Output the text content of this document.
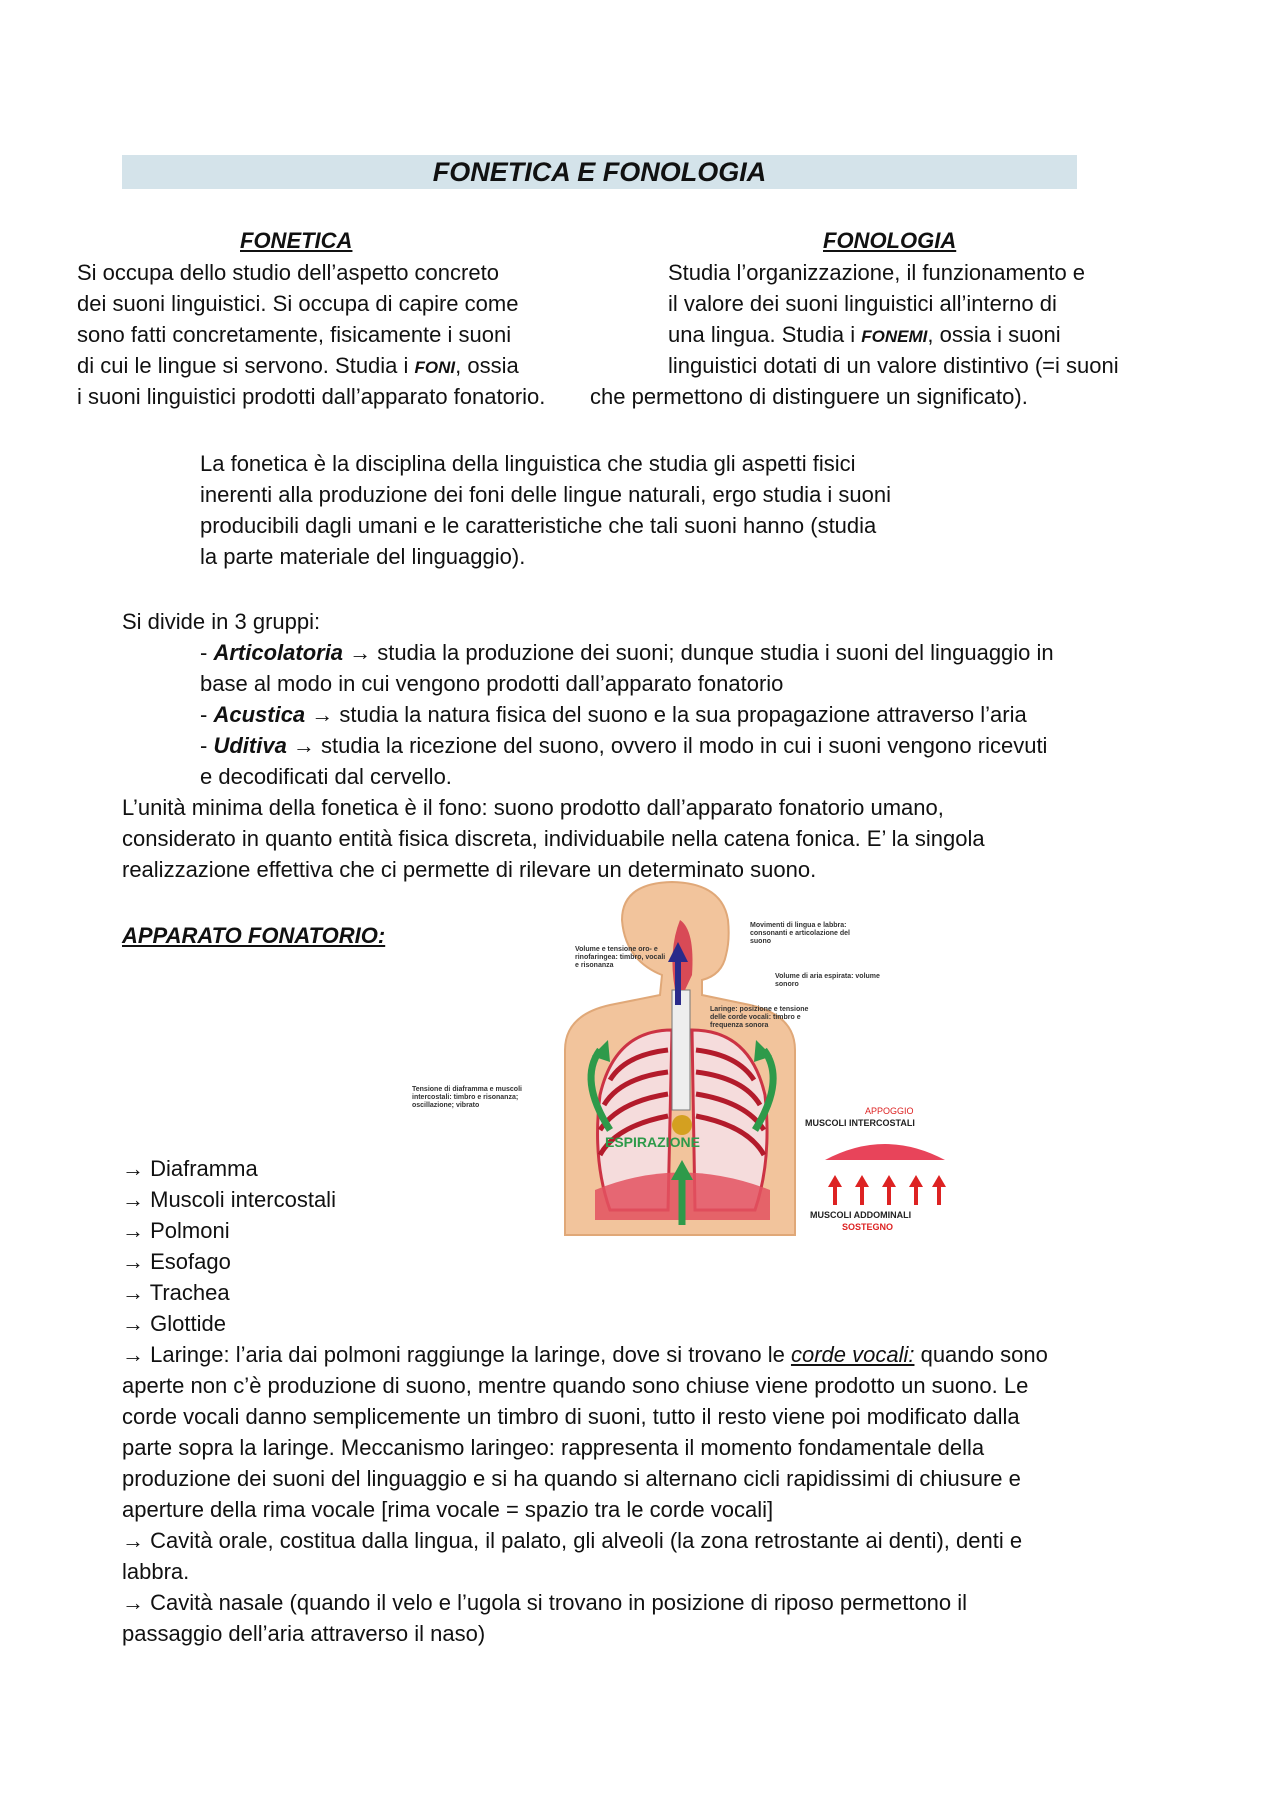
FONETICA E FONOLOGIA
FONETICA	FONOLOGIA
Si occupa dello studio dell’aspetto concreto
dei suoni linguistici. Si occupa di capire come
sono fatti concretamente, fisicamente i suoni
di cui le lingue si servono. Studia i FONI, ossia
i suoni linguistici prodotti dall’apparato fonatorio.
Studia l’organizzazione, il funzionamento e
il valore dei suoni linguistici all’interno di
una lingua. Studia i FONEMI, ossia i suoni
linguistici dotati di un valore distintivo (=i suoni
che permettono di distinguere un significato).
La fonetica è la disciplina della linguistica che studia gli aspetti fisici
inerenti alla produzione dei foni delle lingue naturali, ergo studia i suoni
producibili dagli umani e le caratteristiche che tali suoni hanno (studia
la parte materiale del linguaggio).
Si divide in 3 gruppi:
- Articolatoria → studia la produzione dei suoni; dunque studia i suoni del linguaggio in
base al modo in cui vengono prodotti dall’apparato fonatorio
- Acustica → studia la natura fisica del suono e la sua propagazione attraverso l’aria
- Uditiva → studia la ricezione del suono, ovvero il modo in cui i suoni vengono ricevuti
e decodificati dal cervello.
L’unità minima della fonetica è il fono: suono prodotto dall’apparato fonatorio umano,
considerato in quanto entità fisica discreta, individuabile nella catena fonica. E’ la singola
realizzazione effettiva che ci permette di rilevare un determinato suono.
APPARATO FONATORIO:
Volume e tensione oro- e rinofaringea: timbro, vocali e risonanza
Movimenti di lingua e labbra: consonanti e articolazione del suono
Volume di aria espirata: volume sonoro
Laringe: posizione e tensione delle corde vocali: timbro e frequenza sonora
Tensione di diaframma e muscoli intercostali: timbro e risonanza; oscillazione; vibrato
ESPIRAZIONE
APPOGGIO
MUSCOLI INTERCOSTALI
DIAFRAMMA
MUSCOLI ADDOMINALI
SOSTEGNO
→ Diaframma
→ Muscoli intercostali
→ Polmoni
→ Esofago
→ Trachea
→ Glottide
→ Laringe: l’aria dai polmoni raggiunge la laringe, dove si trovano le corde vocali: quando sono
aperte non c’è produzione di suono, mentre quando sono chiuse viene prodotto un suono. Le
corde vocali danno semplicemente un timbro di suoni, tutto il resto viene poi modificato dalla
parte sopra la laringe. Meccanismo laringeo: rappresenta il momento fondamentale della
produzione dei suoni del linguaggio e si ha quando si alternano cicli rapidissimi di chiusure e
aperture della rima vocale [rima vocale = spazio tra le corde vocali]
→ Cavità orale, costitua dalla lingua, il palato, gli alveoli (la zona retrostante ai denti), denti e
labbra.
→ Cavità nasale (quando il velo e l’ugola si trovano in posizione di riposo permettono il
passaggio dell’aria attraverso il naso)
